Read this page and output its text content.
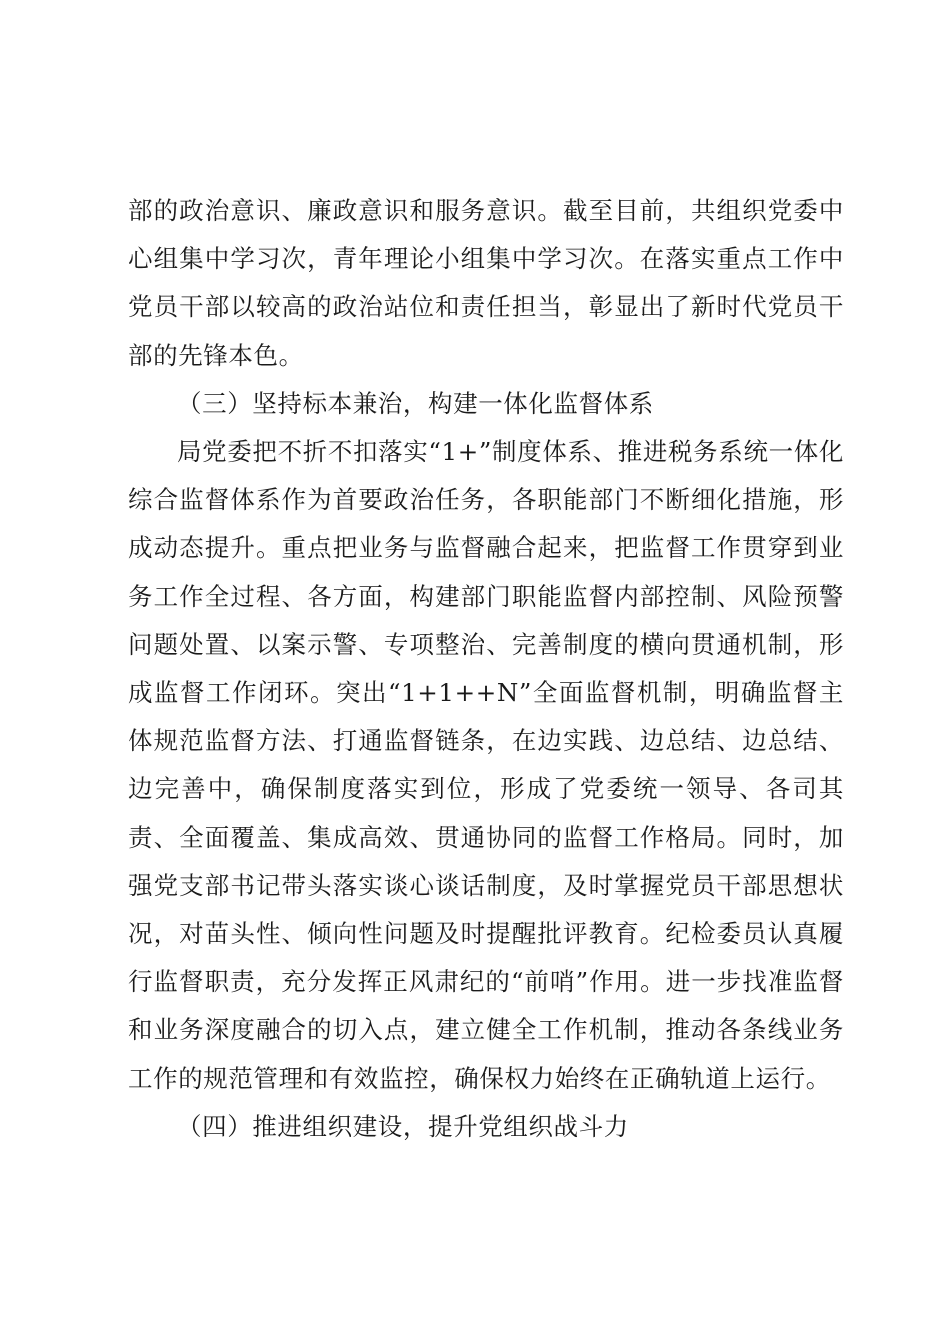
部的政治意识、廉政意识和服务意识。截至目前，共组织党委中心组集中学习次，青年理论小组集中学习次。在落实重点工作中党员干部以较高的政治站位和责任担当，彰显出了新时代党员干部的先锋本色。

（三）坚持标本兼治，构建一体化监督体系

局党委把不折不扣落实“1+”制度体系、推进税务系统一体化综合监督体系作为首要政治任务，各职能部门不断细化措施，形成动态提升。重点把业务与监督融合起来，把监督工作贯穿到业务工作全过程、各方面，构建部门职能监督内部控制、风险预警问题处置、以案示警、专项整治、完善制度的横向贯通机制，形成监督工作闭环。突出“1+1++N”全面监督机制，明确监督主体规范监督方法、打通监督链条，在边实践、边总结、边总结、边完善中，确保制度落实到位，形成了党委统一领导、各司其责、全面覆盖、集成高效、贯通协同的监督工作格局。同时，加强党支部书记带头落实谈心谈话制度，及时掌握党员干部思想状况，对苗头性、倾向性问题及时提醒批评教育。纪检委员认真履行监督职责，充分发挥正风肃纪的“前哨”作用。进一步找准监督和业务深度融合的切入点，建立健全工作机制，推动各条线业务工作的规范管理和有效监控，确保权力始终在正确轨道上运行。

（四）推进组织建设，提升党组织战斗力
